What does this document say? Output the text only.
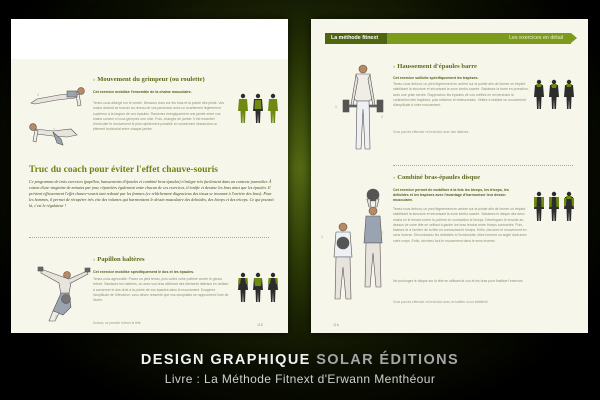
1
2
› Mouvement du grimpeur (ou roulette)
Cet exercice mobilise l'ensemble de la chaîne musculaire.
Tenez-vous allongé sur le ventre. Dessous vous sur les bras et la pointe des pieds. Vos mains doivent se trouver au niveau de vos pectoraux avec un écartement légèrement supérieur à la largeur de vos épaules. Ramenez énergiquement une jambe entre vos mains comme si vous grimpiez une côte. Puis, changez de jambe. Il est essentiel d'exécuter le mouvement le plus rapidement possible en conservant néanmoins un élément horizontal entre chaque jambe.
Truc du coach pour éviter l'effet chauve-souris
Ce programme de trois exercices (papillon, haussements d'épaules et combiné bras-épaules) n'intègre très facilement dans un contexte journalier. À raison d'une vingtaine de minutes par jour, répartiées également entre chacun de ces exercices, il tonifie et dessine les bras ainsi que les épaules. Il prévient efficacement l'effet chauve-souris tant redouté par les femmes (ce relâchement disgracieux des tissus se trouvant à l'arrière des bras). Pour les hommes, il permet de récupérer très vite des volumes qui harmonisent le dessin musculaire des deltoïdes, des biceps et des triceps. Ce qui pouvait là, c'est le régulateur !
1
2
› Papillon haltères
Cet exercice mobilise spécifiquement le dos et les épaules.
Tenez-vous agenouillé. Posez un pied tendu, puis collez votre poitrine contre le genou relevé. Saisissez les haltères, un avec vos bras affichant des éléments latéraux en veillant à conserver le dos droit à la pointe de vos épaules dans le mouvement. Exagérez l'amplitude de l'élévation, vous devez ressentir que vos omoplates se rapprochent l'une de l'autre.
Surtout, ce prendre relever le tête.	115
La méthode fitnext	Les exercices en détail
1
2
› Haussement d'épaules barre
Cet exercice sollicite spécifiquement les trapèzes.
Tenez-vous debout, un pied légèrement en arrière sur la pointe afin de former un trépied stabilisant la structure et sécurisant la zone lombo-sacrée. Saisissez la barre en pronation, avec une prise serrée. Rapprochez les épaules de vos oreilles en recherchant la contraction des trapèzes, puis relâchez et redescendez. Veillez à réaliser un mouvement d'amplitude à votre mouvement.
Vous pouvez effectuer cet exercice avec des haltères.
1
2
› Combiné bras-épaules disque
Cet exercice permet de mobiliser à la fois les biceps, les triceps, les deltoïdes et les trapèzes avec l'avantage d'harmoniser leur dessin musculaire.
Tenez-vous debout, un pied légèrement en arrière sur la pointe afin de former un trépied stabilisant la structure et sécurisant la zone lombo-sacrée. Saisissez le disque des deux mains en le tenant contre la poitrine en contraction le biceps. Développez le ensuite au-dessus de votre tête en veillant à garder les bras tendus entre triceps contractés. Puis, baissez-le à l'arrière de la tête en contractant le triceps. Enfin, déroulez le mouvement en sens inverse. Décontractez les deltoïdes à l'horizontale, elles forment un angle droit avec votre corps. Enfin, décrivez tout le mouvement dans le sens inverse.
Ne prolongez le disque sur la tête en utilisant le cou et les bras pour finaliser l'exercice.
Vous pouvez effectuer cet exercice avec un haltère ou un kettlebell.
116
DESIGN GRAPHIQUE SOLAR ÉDITIONS
Livre : La Méthode Fitnext d'Erwann Menthéour
